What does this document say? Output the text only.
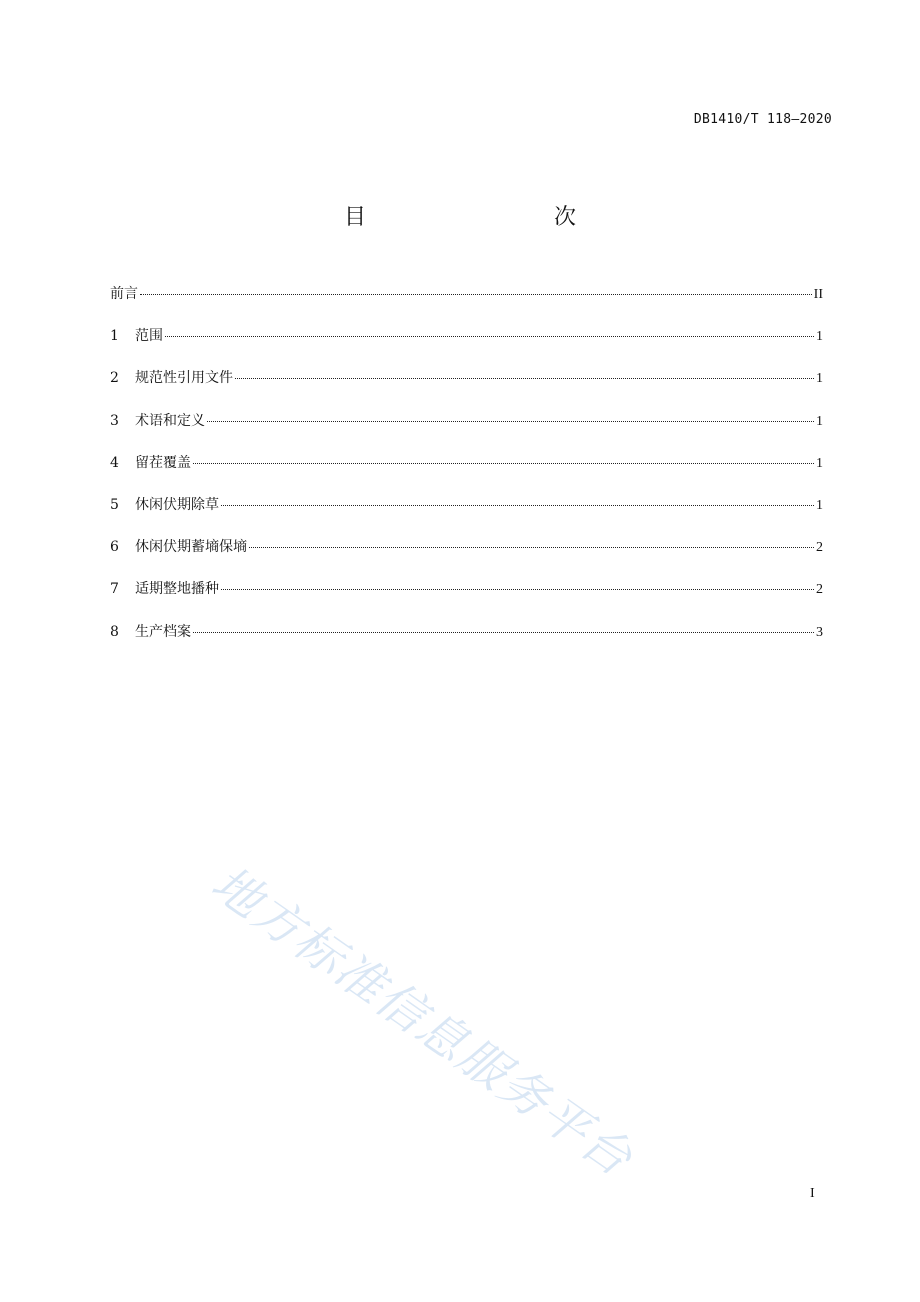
DB1410/T 118—2020
目　　次
前言	II
1	范围	1
2	规范性引用文件	1
3	术语和定义	1
4	留茬覆盖	1
5	休闲伏期除草	1
6	休闲伏期蓄墒保墒	2
7	适期整地播种	2
8	生产档案	3
地方标准信息服务平台
I
